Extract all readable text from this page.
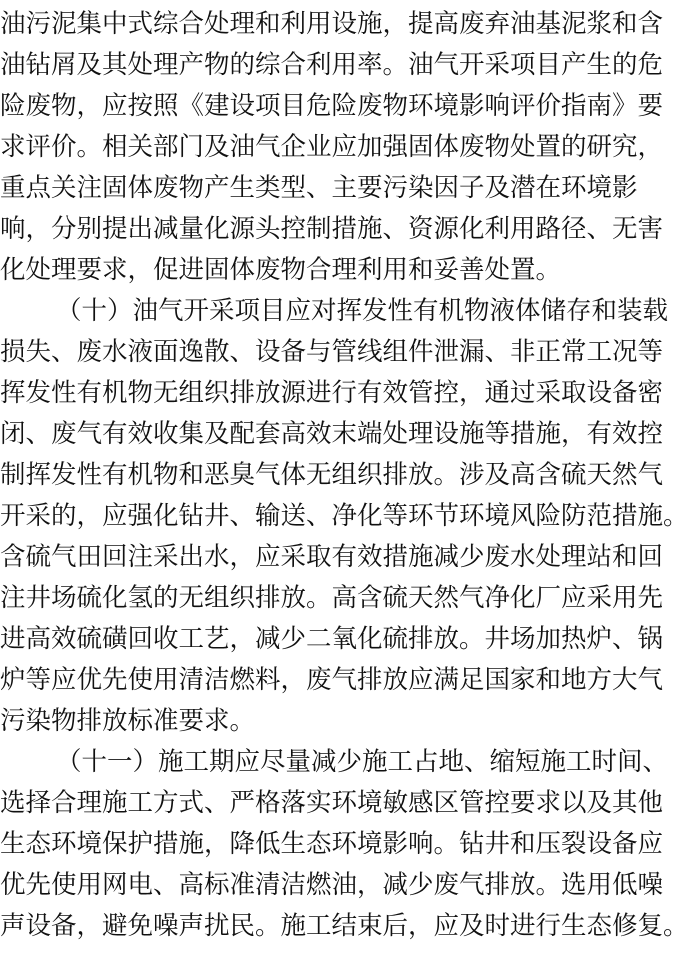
油污泥集中式综合处理和利用设施，提高废弃油基泥浆和含
油钻屑及其处理产物的综合利用率。油气开采项目产生的危
险废物，应按照《建设项目危险废物环境影响评价指南》要
求评价。相关部门及油气企业应加强固体废物处置的研究，
重点关注固体废物产生类型、主要污染因子及潜在环境影
响，分别提出减量化源头控制措施、资源化利用路径、无害
化处理要求，促进固体废物合理利用和妥善处置。
（十）油气开采项目应对挥发性有机物液体储存和装载
损失、废水液面逸散、设备与管线组件泄漏、非正常工况等
挥发性有机物无组织排放源进行有效管控，通过采取设备密
闭、废气有效收集及配套高效末端处理设施等措施，有效控
制挥发性有机物和恶臭气体无组织排放。涉及高含硫天然气
开采的，应强化钻井、输送、净化等环节环境风险防范措施。
含硫气田回注采出水，应采取有效措施减少废水处理站和回
注井场硫化氢的无组织排放。高含硫天然气净化厂应采用先
进高效硫磺回收工艺，减少二氧化硫排放。井场加热炉、锅
炉等应优先使用清洁燃料，废气排放应满足国家和地方大气
污染物排放标准要求。
（十一）施工期应尽量减少施工占地、缩短施工时间、
选择合理施工方式、严格落实环境敏感区管控要求以及其他
生态环境保护措施，降低生态环境影响。钻井和压裂设备应
优先使用网电、高标准清洁燃油，减少废气排放。选用低噪
声设备，避免噪声扰民。施工结束后，应及时进行生态修复。
